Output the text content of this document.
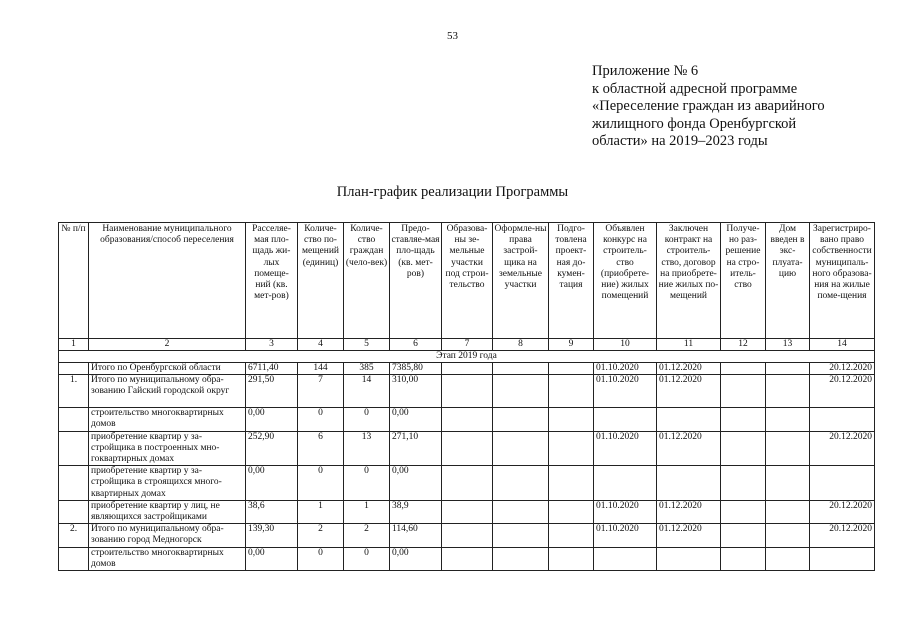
53
Приложение № 6
к областной адресной программе
«Переселение граждан из аварийного
жилищного фонда Оренбургской
области» на 2019–2023 годы
План-график реализации Программы
№ п/п	Наименование муниципального образования/способ переселения	Расселяе-мая пло-щадь жи-лых помеще-ний (кв. мет-ров)	Количе-ство по-мещений (единиц)	Количе-ство граждан (чело-век)	Предо-ставляе-мая пло-щадь (кв. мет-ров)	Образова-ны зе-мельные участки под строи-тельство	Оформле-ны права застрой-щика на земельные участки	Подго-товлена проект-ная до-кумен-тация	Объявлен конкурс на строитель-ство (приобрете-ние) жилых помещений	Заключен контракт на строитель-ство, договор на приобрете-ние жилых по-мещений	Получе-но раз-решение на стро-итель-ство	Дом введен в экс-плуата-цию	Зарегистриро-вано право собственности муниципаль-ного образова-ния на жилые поме-щения
1	2	3	4	5	6	7	8	9	10	11	12	13	14
Этап 2019 года													
	Итого по Оренбургской области	6711,40	144	385	7385,80				01.10.2020	01.12.2020			20.12.2020
1.	Итого по муниципальному обра-зованию Гайский городской округ	291,50	7	14	310,00				01.10.2020	01.12.2020			20.12.2020
	строительство многоквартирных домов	0,00	0	0	0,00								
	приобретение квартир у за-стройщика в построенных мно-гоквартирных домах	252,90	6	13	271,10				01.10.2020	01.12.2020			20.12.2020
	приобретение квартир у за-стройщика в строящихся много-квартирных домах	0,00	0	0	0,00								
	приобретение квартир у лиц, не являющихся застройщиками	38,6	1	1	38,9				01.10.2020	01.12.2020			20.12.2020
2.	Итого по муниципальному обра-зованию город Медногорск	139,30	2	2	114,60				01.10.2020	01.12.2020			20.12.2020
	строительство многоквартирных домов	0,00	0	0	0,00								
